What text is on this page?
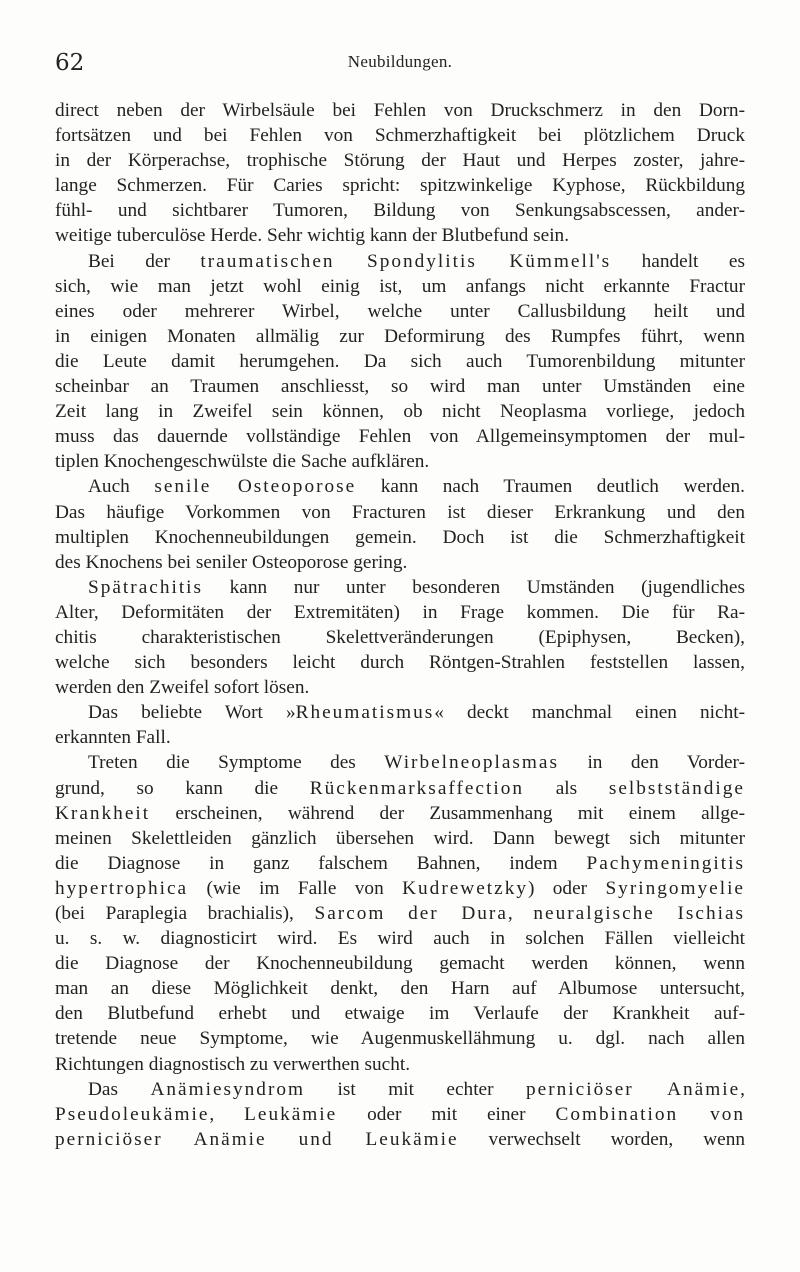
62	Neubildungen.
direct neben der Wirbelsäule bei Fehlen von Druckschmerz in den Dorn-
fortsätzen und bei Fehlen von Schmerzhaftigkeit bei plötzlichem Druck
in der Körperachse, trophische Störung der Haut und Herpes zoster, jahre-
lange Schmerzen. Für Caries spricht: spitzwinkelige Kyphose, Rückbildung
fühl- und sichtbarer Tumoren, Bildung von Senkungsabscessen, ander-
weitige tuberculöse Herde. Sehr wichtig kann der Blutbefund sein.
Bei der traumatischen Spondylitis Kümmell's handelt es
sich, wie man jetzt wohl einig ist, um anfangs nicht erkannte Fractur
eines oder mehrerer Wirbel, welche unter Callusbildung heilt und
in einigen Monaten allmälig zur Deformirung des Rumpfes führt, wenn
die Leute damit herumgehen. Da sich auch Tumorenbildung mitunter
scheinbar an Traumen anschliesst, so wird man unter Umständen eine
Zeit lang in Zweifel sein können, ob nicht Neoplasma vorliege, jedoch
muss das dauernde vollständige Fehlen von Allgemeinsymptomen der mul-
tiplen Knochengeschwülste die Sache aufklären.
Auch senile Osteoporose kann nach Traumen deutlich werden.
Das häufige Vorkommen von Fracturen ist dieser Erkrankung und den
multiplen Knochenneubildungen gemein. Doch ist die Schmerzhaftigkeit
des Knochens bei seniler Osteoporose gering.
Spätrachitis kann nur unter besonderen Umständen (jugendliches
Alter, Deformitäten der Extremitäten) in Frage kommen. Die für Ra-
chitis charakteristischen Skelettveränderungen (Epiphysen, Becken),
welche sich besonders leicht durch Röntgen-Strahlen feststellen lassen,
werden den Zweifel sofort lösen.
Das beliebte Wort »Rheumatismus« deckt manchmal einen nicht-
erkannten Fall.
Treten die Symptome des Wirbelneoplasmas in den Vorder-
grund, so kann die Rückenmarksaffection als selbstständige
Krankheit erscheinen, während der Zusammenhang mit einem allge-
meinen Skelettleiden gänzlich übersehen wird. Dann bewegt sich mitunter
die Diagnose in ganz falschem Bahnen, indem Pachymeningitis
hypertrophica (wie im Falle von Kudrewetzky) oder Syringomyelie
(bei Paraplegia brachialis), Sarcom der Dura, neuralgische Ischias
u. s. w. diagnosticirt wird. Es wird auch in solchen Fällen vielleicht
die Diagnose der Knochenneubildung gemacht werden können, wenn
man an diese Möglichkeit denkt, den Harn auf Albumose untersucht,
den Blutbefund erhebt und etwaige im Verlaufe der Krankheit auf-
tretende neue Symptome, wie Augenmuskellähmung u. dgl. nach allen
Richtungen diagnostisch zu verwerthen sucht.
Das Anämiesyndrom ist mit echter perniciöser Anämie,
Pseudoleukämie, Leukämie oder mit einer Combination von
perniciöser Anämie und Leukämie verwechselt worden, wenn
